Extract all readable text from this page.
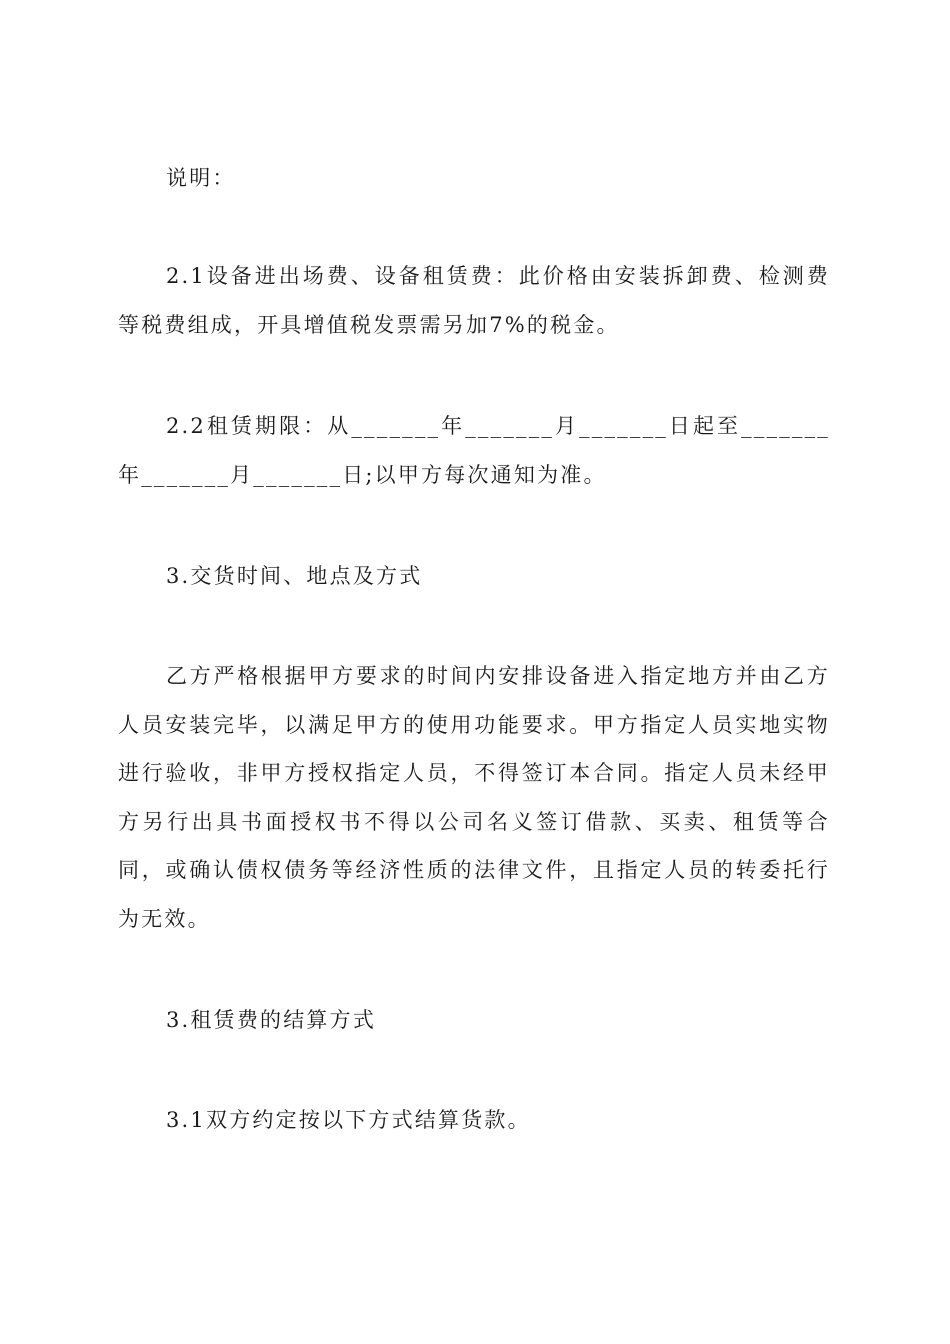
说明：

2.1设备进出场费、设备租赁费：此价格由安装拆卸费、检测费等税费组成，开具增值税发票需另加7%的税金。

2.2租赁期限：从_______年_______月_______日起至_______年_______月_______日;以甲方每次通知为准。

3.交货时间、地点及方式

乙方严格根据甲方要求的时间内安排设备进入指定地方并由乙方人员安装完毕，以满足甲方的使用功能要求。甲方指定人员实地实物进行验收，非甲方授权指定人员，不得签订本合同。指定人员未经甲方另行出具书面授权书不得以公司名义签订借款、买卖、租赁等合同，或确认债权债务等经济性质的法律文件，且指定人员的转委托行为无效。

3.租赁费的结算方式

3.1双方约定按以下方式结算货款。
